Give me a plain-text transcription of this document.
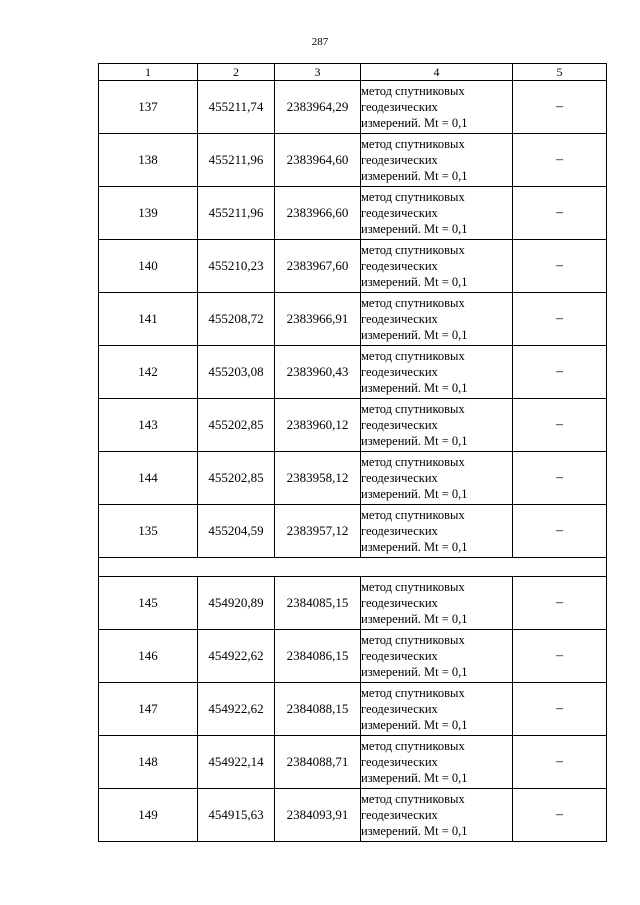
287
1	2	3	4	5
137	455211,74	2383964,29	метод спутниковых
геодезических
измерений. Mt = 0,1	–
138	455211,96	2383964,60	метод спутниковых
геодезических
измерений. Mt = 0,1	–
139	455211,96	2383966,60	метод спутниковых
геодезических
измерений. Mt = 0,1	–
140	455210,23	2383967,60	метод спутниковых
геодезических
измерений. Mt = 0,1	–
141	455208,72	2383966,91	метод спутниковых
геодезических
измерений. Mt = 0,1	–
142	455203,08	2383960,43	метод спутниковых
геодезических
измерений. Mt = 0,1	–
143	455202,85	2383960,12	метод спутниковых
геодезических
измерений. Mt = 0,1	–
144	455202,85	2383958,12	метод спутниковых
геодезических
измерений. Mt = 0,1	–
135	455204,59	2383957,12	метод спутниковых
геодезических
измерений. Mt = 0,1	–

145	454920,89	2384085,15	метод спутниковых
геодезических
измерений. Mt = 0,1	–
146	454922,62	2384086,15	метод спутниковых
геодезических
измерений. Mt = 0,1	–
147	454922,62	2384088,15	метод спутниковых
геодезических
измерений. Mt = 0,1	–
148	454922,14	2384088,71	метод спутниковых
геодезических
измерений. Mt = 0,1	–
149	454915,63	2384093,91	метод спутниковых
геодезических
измерений. Mt = 0,1	–
